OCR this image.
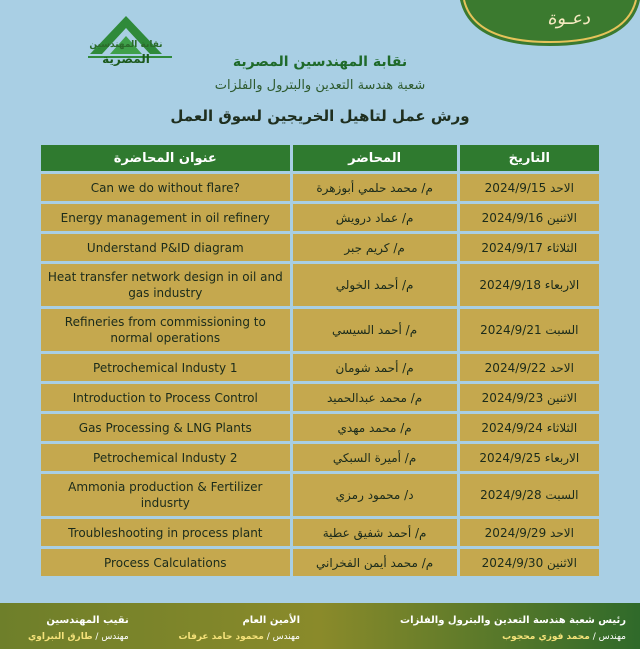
نقابة المهندسين
المصرية
دعـوة
نقابة المهندسين المصرية
شعبة هندسة التعدين والبترول والفلزات
ورش عمل لتاهيل الخريجين لسوق العمل
عنوان المحاضرة	المحاضر	التاريخ
Can we do without flare?	م/ محمد حلمي أبوزهرة	الاحد 2024/9/15
Energy management in oil refinery	م/ عماد درويش	الاثنين 2024/9/16
Understand P&ID diagram	م/ كريم جبر	الثلاثاء 2024/9/17
Heat transfer network design in oil and gas industry	م/ أحمد الخولي	الاربعاء 2024/9/18
Refineries from commissioning to normal operations	م/ أحمد السيسي	السبت 2024/9/21
Petrochemical Industy 1	م/ أحمد شومان	الاحد 2024/9/22
Introduction to Process Control	م/ محمد عبدالحميد	الاثنين 2024/9/23
Gas Processing & LNG Plants	م/ محمد مهدي	الثلاثاء 2024/9/24
Petrochemical Industy 2	م/ أميرة السبكي	الاربعاء 2024/9/25
Ammonia production & Fertilizer indusrty	د/ محمود رمزي	السبت 2024/9/28
Troubleshooting in process plant	م/ أحمد شفيق عطية	الاحد 2024/9/29
Process Calculations	م/ محمد أيمن الفخراني	الاثنين 2024/9/30
رئيس شعبة هندسة التعدين والبترول والفلزات
مهندس / محمد فوزي محجوب
الأمين العام
مهندس / محمود حامد عرفات
نقيب المهندسين
مهندس / طارق النبراوي
